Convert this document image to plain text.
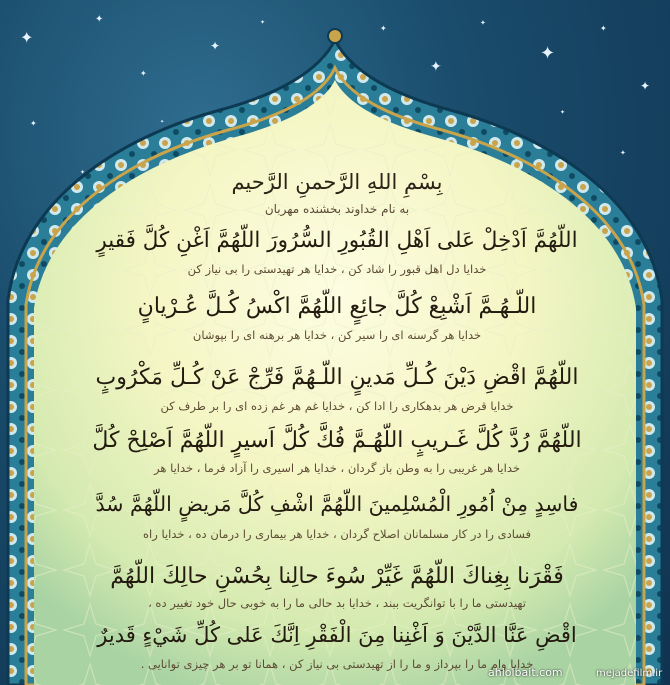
✦
✦
✦
✦
✦
✦
✦
✦
✦
✦
✦
✦
✦
✦
✦
✦
بِسْمِ اللهِ الرَّحمنِ الرَّحیم
به نام خداوند بخشنده مهربان
اللّهُمَّ اَدْخِلْ عَلى اَهْلِ القُبُورِ السُّرُورَ اللّهُمَّ اَغْنِ كُلَّ فَقيرٍ
خدایا دل اهل قبور را شاد کن ، خدایا هر تهیدستی را بی نیاز کن
اللّـهُـمَّ اَشْبِعْ كُلَّ جائِعٍ اللّهُمَّ اكْسُ كُـلَّ عُـرْيانٍ
خدایا هر گرسنه ای را سیر کن ، خدایا هر برهنه ای را بپوشان
اللّهُمَّ اقْضِ دَيْنَ كُـلِّ مَدينٍ اللّـهُمَّ فَرِّجْ عَنْ كُـلِّ مَكْرُوبٍ
خدایا قرض هر بدهکاری را ادا کن ، خدایا غم هر غم زده ای را بر طرف کن
اللّهُمَّ رُدَّ كُلَّ غَـريبٍ اللّهُـمَّ فُكَّ كُلَّ اَسيرٍ اللّهُمَّ اَصْلِحْ كُلَّ
خدایا هر غریبی را به وطن باز گردان ، خدایا هر اسیری را آزاد فرما ، خدایا هر
فاسِدٍ مِنْ اُمُورِ الْمُسْلِمينَ اللّهُمَّ اشْفِ كُلَّ مَريضٍ اللّهُمَّ سُدَّ
فسادی را در کار مسلمانان اصلاح گردان ، خدایا هر بیماری را درمان ده ، خدایا راه
فَقْرَنا بِغِناكَ اللّهُمَّ غَيِّرْ سُوءَ حالِنا بِحُسْنِ حالِكَ اللّهُمَّ
تهیدستی ما را با توانگریت ببند ، خدایا بد حالی ما را به خوبی حال خود تغییر ده ،
اقْضِ عَنَّا الدَّيْنَ وَ اَغْنِنا مِنَ الْفَقْرِ اِنَّكَ عَلى كُلِّ شَيْءٍ قَديرٌ
خدایا وام ما را بپرداز و ما را از تهیدستی بی نیاز کن ، همانا تو بر هر چیزی توانایی .
ahlolbait.com	mejadefilm.ir
